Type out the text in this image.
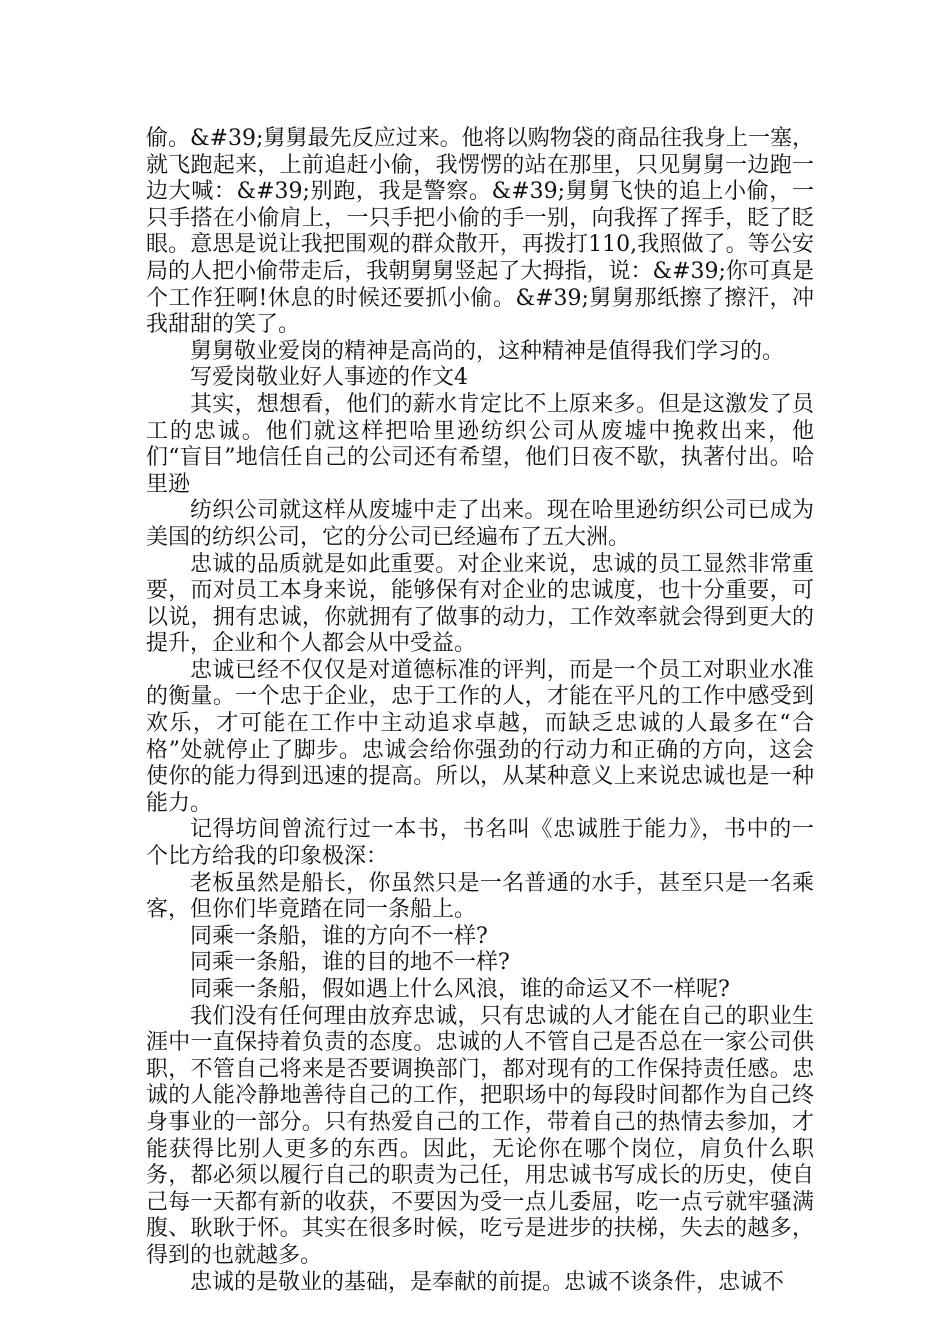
偷。&#39;舅舅最先反应过来。他将以购物袋的商品往我身上一塞，就飞跑起来，上前追赶小偷，我愣愣的站在那里，只见舅舅一边跑一边大喊：&#39;别跑，我是警察。&#39;舅舅飞快的追上小偷，一只手搭在小偷肩上，一只手把小偷的手一别，向我挥了挥手，眨了眨眼。意思是说让我把围观的群众散开，再拨打110,我照做了。等公安局的人把小偷带走后，我朝舅舅竖起了大拇指，说：&#39;你可真是个工作狂啊!休息的时候还要抓小偷。&#39;舅舅那纸擦了擦汗，冲我甜甜的笑了。

舅舅敬业爱岗的精神是高尚的，这种精神是值得我们学习的。

写爱岗敬业好人事迹的作文4

其实，想想看，他们的薪水肯定比不上原来多。但是这激发了员工的忠诚。他们就这样把哈里逊纺织公司从废墟中挽救出来，他们“盲目”地信任自己的公司还有希望，他们日夜不歇，执著付出。哈里逊

纺织公司就这样从废墟中走了出来。现在哈里逊纺织公司已成为美国的纺织公司，它的分公司已经遍布了五大洲。

忠诚的品质就是如此重要。对企业来说，忠诚的员工显然非常重要，而对员工本身来说，能够保有对企业的忠诚度，也十分重要，可以说，拥有忠诚，你就拥有了做事的动力，工作效率就会得到更大的提升，企业和个人都会从中受益。

忠诚已经不仅仅是对道德标准的评判，而是一个员工对职业水准的衡量。一个忠于企业，忠于工作的人，才能在平凡的工作中感受到欢乐，才可能在工作中主动追求卓越，而缺乏忠诚的人最多在“合格”处就停止了脚步。忠诚会给你强劲的行动力和正确的方向，这会使你的能力得到迅速的提高。所以，从某种意义上来说忠诚也是一种能力。

记得坊间曾流行过一本书，书名叫《忠诚胜于能力》，书中的一个比方给我的印象极深：

老板虽然是船长，你虽然只是一名普通的水手，甚至只是一名乘客，但你们毕竟踏在同一条船上。

同乘一条船，谁的方向不一样?

同乘一条船，谁的目的地不一样?

同乘一条船，假如遇上什么风浪，谁的命运又不一样呢?

我们没有任何理由放弃忠诚，只有忠诚的人才能在自己的职业生涯中一直保持着负责的态度。忠诚的人不管自己是否总在一家公司供职，不管自己将来是否要调换部门，都对现有的工作保持责任感。忠诚的人能冷静地善待自己的工作，把职场中的每段时间都作为自己终身事业的一部分。只有热爱自己的工作，带着自己的热情去参加，才能获得比别人更多的东西。因此，无论你在哪个岗位，肩负什么职务，都必须以履行自己的职责为己任，用忠诚书写成长的历史，使自己每一天都有新的收获，不要因为受一点儿委屈，吃一点亏就牢骚满腹、耿耿于怀。其实在很多时候，吃亏是进步的扶梯，失去的越多，得到的也就越多。

忠诚的是敬业的基础，是奉献的前提。忠诚不谈条件，忠诚不
